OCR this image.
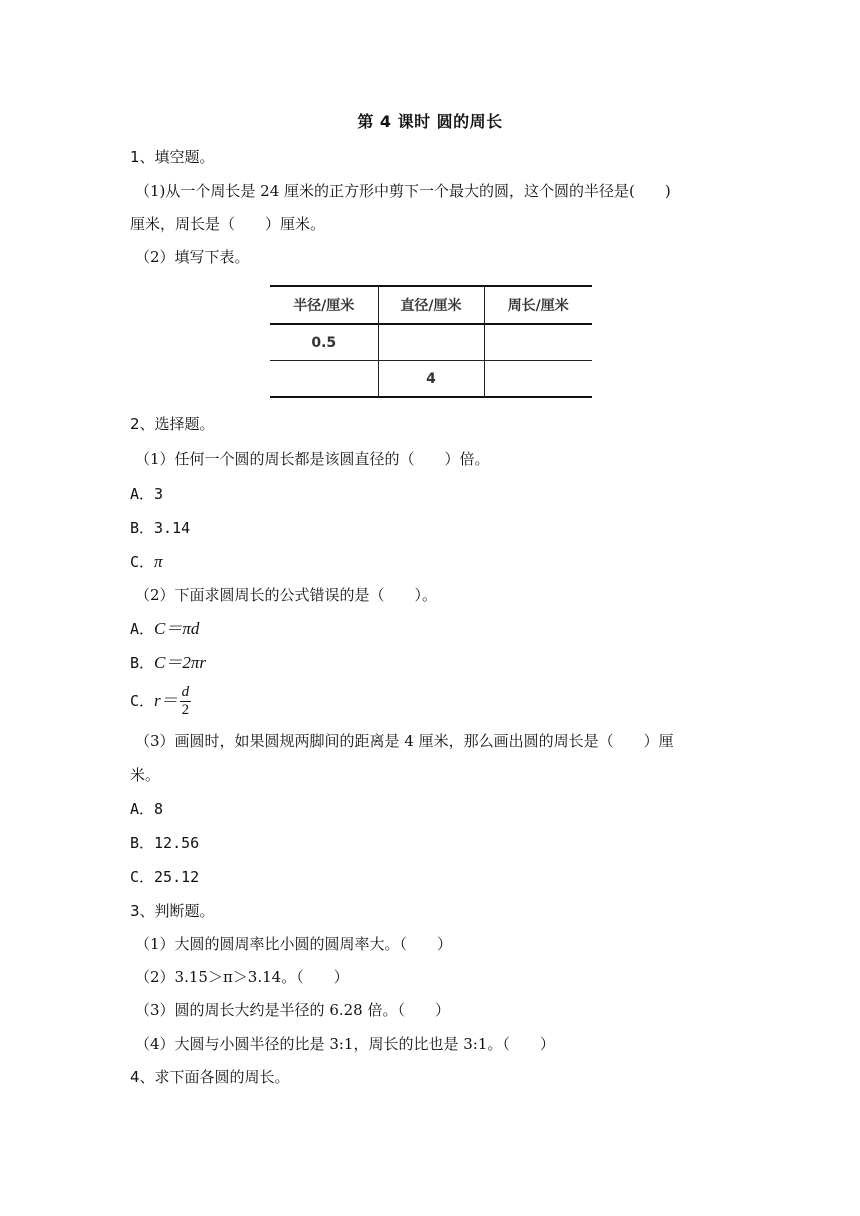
第 4 课时 圆的周长
1、填空题。
（1)从一个周长是 24 厘米的正方形中剪下一个最大的圆，这个圆的半径是(　　)
厘米，周长是（　　）厘米。
（2）填写下表。
半径/厘米	直径/厘米	周长/厘米
0.5		
	4	
2、选择题。
（1）任何一个圆的周长都是该圆直径的（　　）倍。
A．3
B．3.14
C．π
（2）下面求圆周长的公式错误的是（　　）。
A．C＝πd
B．C＝2πr
C．$r= \frac{d}{2}$
（3）画圆时，如果圆规两脚间的距离是 4 厘米，那么画出圆的周长是（　　）厘
米。
A．8
B．12.56
C．25.12
3、判断题。
（1）大圆的圆周率比小圆的圆周率大。（　　）
（2）3.15＞π＞3.14。（　　）
（3）圆的周长大约是半径的 6.28 倍。（　　）
（4）大圆与小圆半径的比是 3:1，周长的比也是 3:1。（　　）
4、求下面各圆的周长。
